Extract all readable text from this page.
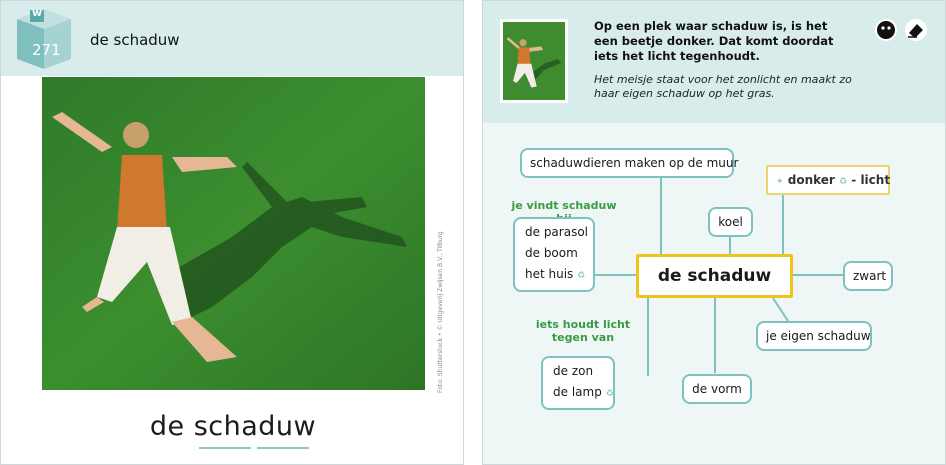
w
271
de schaduw
Foto: Shutterstock • © Uitgeverij Zwijsen B.V., Tilburg
de schaduw
Op een plek waar schaduw is, is het een beetje donker. Dat komt doordat iets het licht tegenhoudt.
Het meisje staat voor het zonlicht en maakt zo haar eigen schaduw op het gras.
schaduwdieren maken op de muur
✦ donker ♻ - licht
je vindt schaduw
koel
de parasol
de boom
het huis ♻	de schaduw	zwart
iets houdt licht
tegen van	je eigen schaduw
de zon
de lamp ♻	de vorm
